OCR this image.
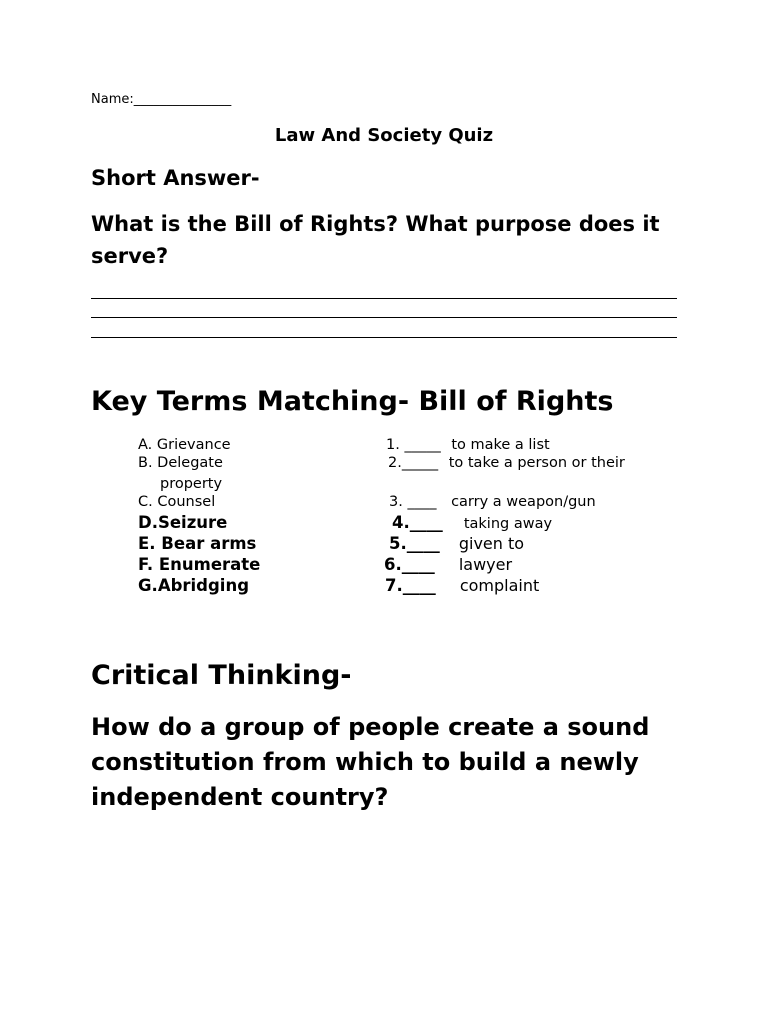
Name:_______________
Law And Society Quiz
Short Answer-
What is the Bill of Rights? What purpose does it serve?
Key Terms Matching- Bill of Rights
A. Grievance
B. Delegate
C. Counsel
D.Seizure
E. Bear arms
F. Enumerate
G.Abridging
1. _____ to make a list
2._____ to take a person or their
property
3. ____ carry a weapon/gun
4.____ taking away
5.____ given to
6.____ lawyer
7.____ complaint
Critical Thinking-
How do a group of people create a sound constitution from which to build a newly independent country?
